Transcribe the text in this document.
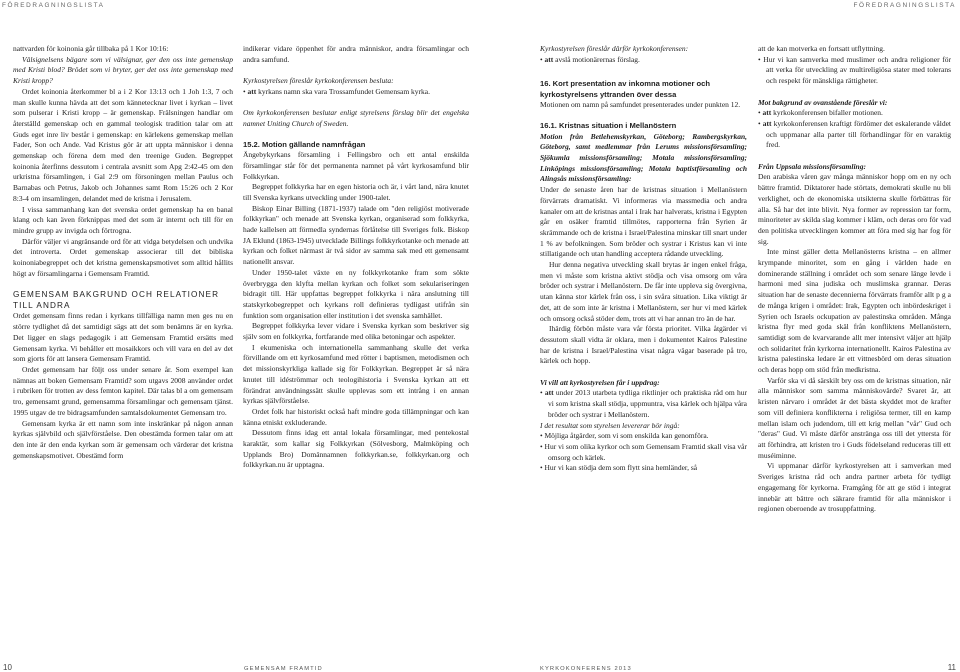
FÖREDRAGNINGSLISTA

nattvarden för koinonia går tillbaka på 1 Kor 10:16:

Välsignelsens bägare som vi välsignar, ger den oss inte gemenskap med Kristi blod? Brödet som vi bryter, ger det oss inte gemenskap med Kristi kropp?

Ordet koinonia återkommer bl a i 2 Kor 13:13 och 1 Joh 1:3, 7 och man skulle kunna hävda att det som kännetecknar livet i kyrkan – livet som pulserar i Kristi kropp – är gemenskap. Frälsningen handlar om återställd gemenskap och en gammal teologisk tradition talar om att Guds eget inre liv består i gemenskap: en kärlekens gemenskap mellan Fader, Son och Ande. Vad Kristus gör är att uppta människor i denna gemenskap och förena dem med den treenige Guden. Begreppet koinonia återfinns dessutom i centrala avsnitt som Apg 2:42-45 om den urkristna församlingen, i Gal 2:9 om försoningen mellan Paulus och Barnabas och Petrus, Jakob och Johannes samt Rom 15:26 och 2 Kor 8:3-4 om insamlingen, delandet med de kristna i Jerusalem.

I vissa sammanhang kan det svenska ordet gemenskap ha en banal klang och kan även förknippas med det som är internt och till för en mindre grupp av invigda och förtrogna.

Därför väljer vi angränsande ord för att vidga betydelsen och undvika det introverta. Ordet gemenskap associerar till det bibliska koinoniabegreppet och det kristna gemenskapsmotivet som alltid hållits högt av församlingarna i Gemensam Framtid.

GEMENSAM BAKGRUND OCH RELATIONER TILL ANDRA

Ordet gemensam finns redan i kyrkans tillfälliga namn men ges nu en större tydlighet då det samtidigt sägs att det som benämns är en kyrka. Det ligger en slags pedagogik i att Gemensam Framtid ersätts med Gemensam kyrka. Vi behåller ett mosaikkors och vill vara en del av det som gjorts för att lansera Gemensam Framtid.

Ordet gemensam har följt oss under senare år. Som exempel kan nämnas att boken Gemensam Framtid? som utgavs 2008 använder ordet i rubriken för trotten av dess femton kapitel. Där talas bl a om gemensam tro, gemensamt grund, gemensamma församlingar och gemensam tjänst. 1995 utgav de tre bidragsamfunden samtalsdokumentet Gemensam tro.

Gemensam kyrka är ett namn som inte inskränkar på någon annan kyrkas självbild och självförståelse. Den obestämda formen talar om att den inte är den enda kyrkan som är gemensam och värderar det kristna gemenskapsmotivet. Obestämd form

indikerar vidare öppenhet för andra människor, andra församlingar och andra samfund.

Kyrkostyrelsen föreslår kyrkokonferensen besluta:

• att kyrkans namn ska vara Trossamfundet Gemensam kyrka.

Om kyrkokonferensen beslutar enligt styrelsens förslag blir det engelska namnet Uniting Church of Sweden.

15.2. Motion gällande namnfrågan

Ängebykyrkans församling i Fellingsbro och ett antal enskilda församlingar står för det permanenta namnet på vårt kyrkosamfund blir Folkkyrkan.

Begreppet folkkyrka har en egen historia och är, i vårt land, nära knutet till Svenska kyrkans utveckling under 1900-talet.

Biskop Einar Billing (1871-1937) talade om "den religiöst motiverade folkkyrkan" och menade att Svenska kyrkan, organiserad som folkkyrka, hade kallelsen att förmedla syndernas förlåtelse till Sveriges folk. Biskop JA Eklund (1863-1945) utvecklade Billings folkkyrkotanke och menade att kyrkan och folket närmast är två sidor av samma sak med ett gemensamt nationellt ansvar.

Under 1950-talet växte en ny folkkyrkotanke fram som sökte överbrygga den klyfta mellan kyrkan och folket som sekulariseringen bidragit till. Här uppfattas begreppet folkkyrka i nära anslutning till statskyrkobegreppet och kyrkans roll definieras tydligast utifrån sin funktion som organisation eller institution i det svenska samhället.

Begreppet folkkyrka lever vidare i Svenska kyrkan som beskriver sig själv som en folkkyrka, fortfarande med olika betoningar och aspekter.

I ekumeniska och internationella sammanhang skulle det verka förvillande om ett kyrkosamfund med rötter i baptismen, metodismen och det missionskyrkliga kallade sig för Folkkyrkan. Begreppet är så nära knutet till idéströmmar och teologihistoria i Svenska kyrkan att ett förändrat användningssätt skulle upplevas som ett intrång i en annan kyrkas självförståelse.

Ordet folk har historiskt också haft mindre goda tillämpningar och kan känna etniskt exkluderande.

Dessutom finns idag ett antal lokala församlingar, med pentekostal karaktär, som kallar sig Folkkyrkan (Sölvesborg, Malmköping och Upplands Bro) Domännamnen folkkyrkan.se, folkkyrkan.org och folkkyrkan.nu är upptagna.

10	GEMENSAM FRAMTID
FÖREDRAGNINGSLISTA

Kyrkostyrelsen föreslår därför kyrkokonferensen:

• att avslå motionärernas förslag.

16. Kort presentation av inkomna motioner och kyrkostyrelsens yttranden över dessa

Motionen om namn på samfundet presenterades under punkten 12.

16.1. Kristnas situation i Mellanöstern

Motion från Betlehemskyrkan, Göteborg; Rambergskyrkan, Göteborg, samt medlemmar från Lerums missionsförsamling; Sjökumla missionsförsamling; Motala missionsförsamling; Linköpings missionsförsamling; Motala baptistförsamling och Alingsås missionsförsamling:

Under de senaste åren har de kristnas situation i Mellanöstern förvärrats dramatiskt. Vi informeras via massmedia och andra kanaler om att de kristnas antal i Irak har halverats, kristna i Egypten går en osäker framtid tillmötes, rapporterna från Syrien är skrämmande och de kristna i Israel/Palestina minskar till snart under 1 % av befolkningen. Som bröder och systrar i Kristus kan vi inte stillatigande och utan handling acceptera rådande utveckling.

Hur denna negativa utveckling skall brytas är ingen enkel fråga, men vi måste som kristna aktivt stödja och visa omsorg om våra bröder och systrar i Mellanöstern. De får inte uppleva sig övergivna, utan känna stor kärlek från oss, i sin svåra situation. Lika viktigt är det, att de som inte är kristna i Mellanöstern, ser hur vi med kärlek och omsorg också stöder dem, trots att vi har annan tro än de har.

Ihärdig förbön måste vara vår första prioritet. Vilka åtgärder vi dessutom skall vidta är oklara, men i dokumentet Kairos Palestine har de kristna i Israel/Palestina visat några vägar baserade på tro, kärlek och hopp.

Vi vill att kyrkostyrelsen får i uppdrag:

• att under 2013 utarbeta tydliga riktlinjer och praktiska råd om hur vi som kristna skall stödja, uppmuntra, visa kärlek och hjälpa våra bröder och systrar i Mellanöstern.

I det resultat som styrelsen levererar bör ingå:

• Möjliga åtgärder, som vi som enskilda kan genomföra.

• Hur vi som olika kyrkor och som Gemensam Framtid skall visa vår omsorg och kärlek.

• Hur vi kan stödja dem som flytt sina hemländer, så

att de kan motverka en fortsatt utflyttning.

• Hur vi kan samverka med muslimer och andra religioner för att verka för utveckling av multireligiösa stater med tolerans och respekt för mänskliga rättigheter.

Mot bakgrund av ovanstående föreslår vi:

• att kyrkokonferensen bifaller motionen.

• att kyrkokonferensen kraftigt fördömer det eskalerande våldet och uppmanar alla parter till förhandlingar för en varaktig fred.

Från Uppsala missionsförsamling:

Den arabiska våren gav många människor hopp om en ny och bättre framtid. Diktatorer hade störtats, demokrati skulle nu bli verklighet, och de ekonomiska utsikterna skulle förbättras för alla. Så har det inte blivit. Nya former av repression tar form, minoriteter av skilda slag kommer i kläm, och deras oro för vad den politiska utvecklingen kommer att föra med sig har fog för sig.

Inte minst gäller detta Mellanösterns kristna – en allmer krympande minoritet, som en gång i världen hade en dominerande ställning i området och som senare länge levde i harmoni med sina judiska och muslimska grannar. Deras situation har de senaste decennierna förvärrats framför allt p g a de många krigen i området: Irak, Egypten och inbördeskriget i Syrien och Israels ockupation av palestinska områden. Många kristna flyr med goda skäl från konfliktens Mellanöstern, samtidigt som de kvarvarande allt mer intensivt väljer att hjälp och solidaritet från kyrkorna internationellt. Kairos Palestina av kristna palestinska ledare är ett vittnesbörd om deras situation och deras hopp om stöd från medkristna.

Varför ska vi då särskilt bry oss om de kristnas situation, när alla människor som samma människovärde? Svaret är, att kristen närvaro i området är det bästa skyddet mot de krafter som vill definiera konflikterna i religiösa termer, till en kamp mellan islam och judendom, till ett krig mellan "vår" Gud och "deras" Gud. Vi måste därför anstränga oss till det yttersta för att förhindra, att kristen tro i Guds födelseland reduceras till ett muséiminne.

Vi uppmanar därför kyrkostyrelsen att i samverkan med Sveriges kristna råd och andra partner arbeta för tydligt engagemang för kyrkorna. Framgång för att ge stöd i integrat innebär att bättre och säkrare framtid för alla människor i regionen oberoende av trosuppfattning.

KYRKOKONFERENS 2013	11
